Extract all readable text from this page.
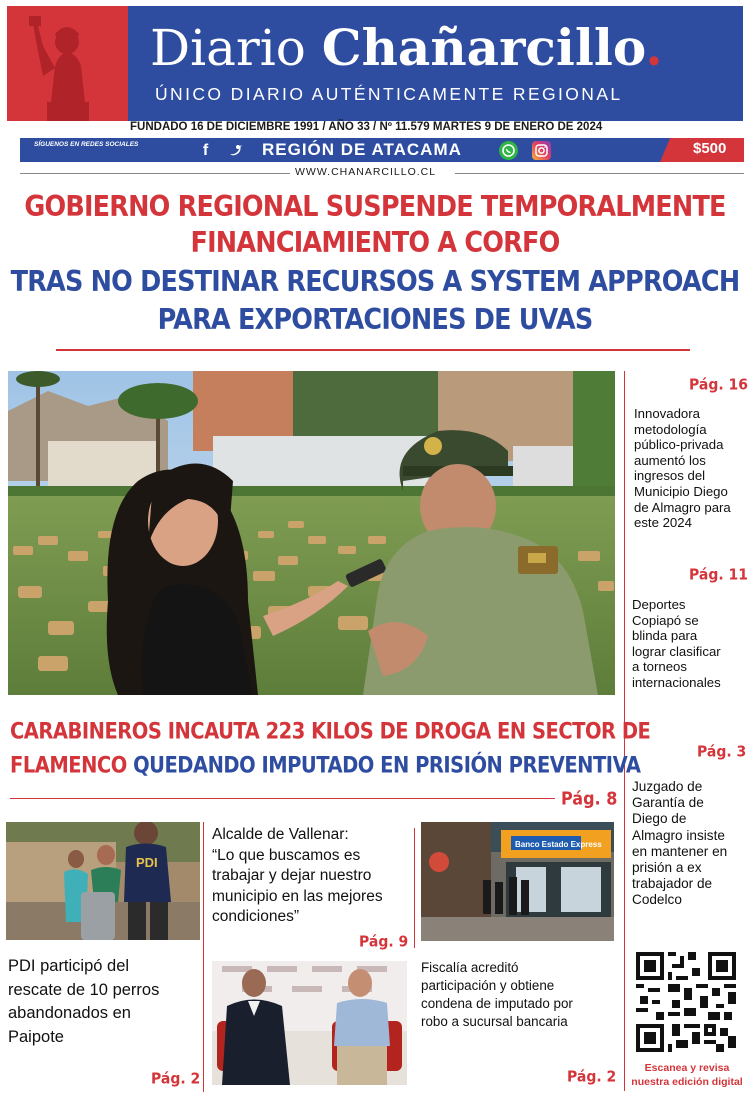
Diario Chañarcillo.
ÚNICO DIARIO AUTÉNTICAMENTE REGIONAL
FUNDADO 16 DE DICIEMBRE 1991 / AÑO 33 / Nº 11.579 MARTES 9 DE ENERO DE 2024
SÍGUENOS EN REDES SOCIALES	f	REGIÓN DE ATACAMA	$500
WWW.CHANARCILLO.CL
GOBIERNO REGIONAL SUSPENDE TEMPORALMENTE
FINANCIAMIENTO A CORFO
TRAS NO DESTINAR RECURSOS A SYSTEM APPROACH
PARA EXPORTACIONES DE UVAS
Pág. 16
Innovadora
metodología
público-privada
aumentó los
ingresos del
Municipio Diego
de Almagro para
este 2024
Pág. 11
Deportes
Copiapó se
blinda para
lograr clasificar
a torneos
internacionales
Pág. 3
Juzgado de
Garantía de
Diego de
Almagro insiste
en mantener en
prisión a ex
trabajador de
Codelco
Escanea y revisa
nuestra edición digital
CARABINEROS INCAUTA 223 KILOS DE DROGA EN SECTOR DE
FLAMENCO QUEDANDO IMPUTADO EN PRISIÓN PREVENTIVA
Pág. 8
PDI
PDI participó del
rescate de 10 perros
abandonados en
Paipote
Pág. 2
Alcalde de Vallenar:
“Lo que buscamos es
trabajar y dejar nuestro
municipio en las mejores
condiciones”
Pág. 9
Banco Estado Express
Fiscalía acreditó
participación y obtiene
condena de imputado por
robo a sucursal bancaria
Pág. 2
